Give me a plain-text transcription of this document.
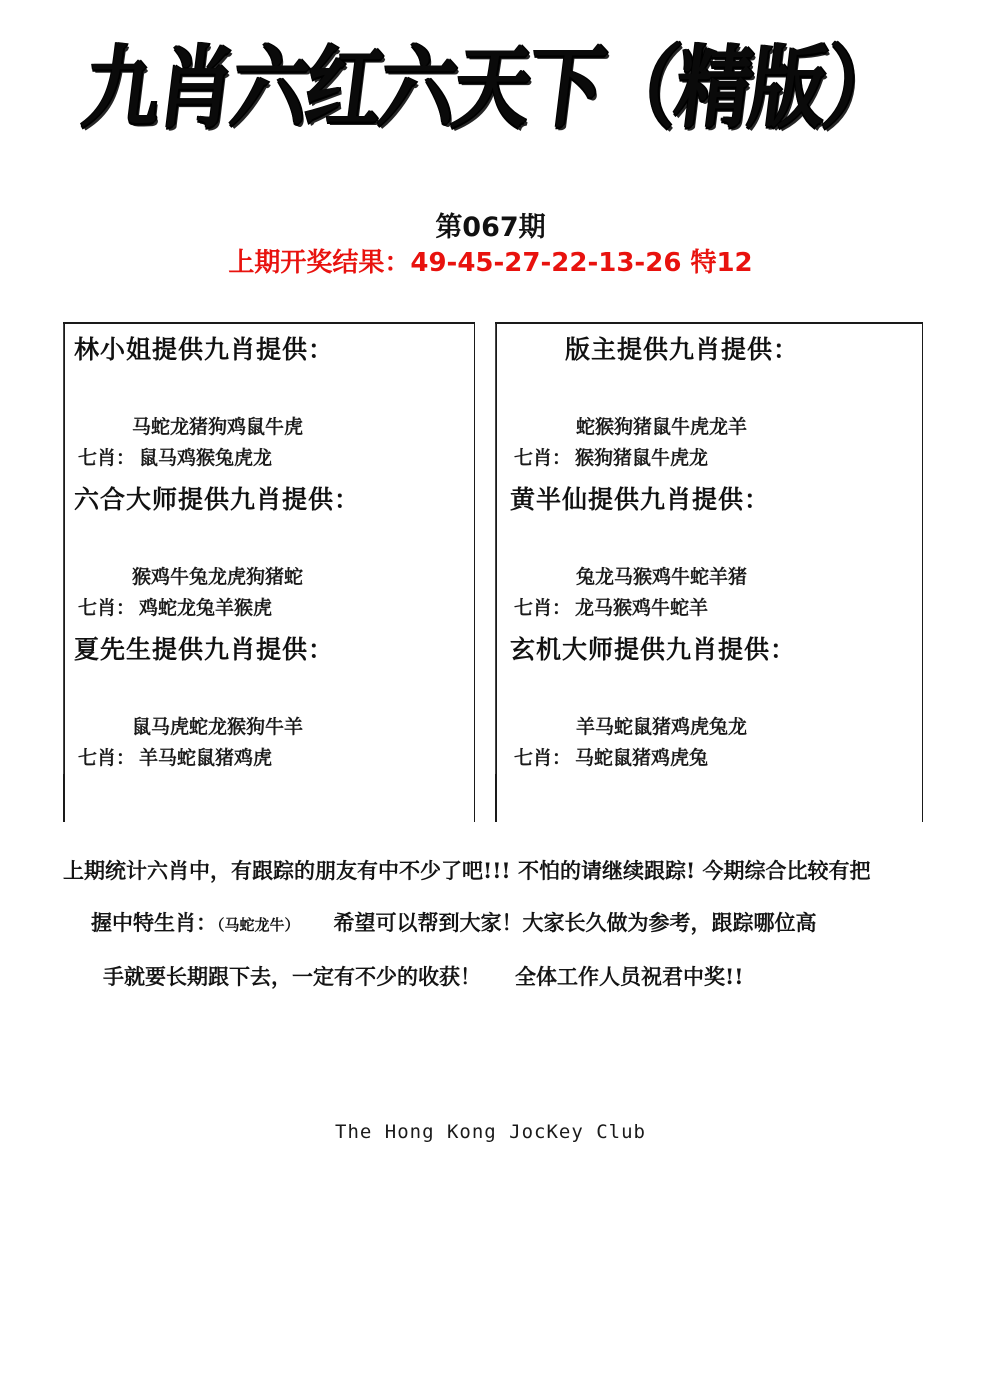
九肖六红六天下（精版）
第067期
上期开奖结果：49-45-27-22-13-26 特12
林小姐提供九肖提供：
马蛇龙猪狗鸡鼠牛虎
七肖： 鼠马鸡猴兔虎龙
六合大师提供九肖提供：
猴鸡牛兔龙虎狗猪蛇
七肖： 鸡蛇龙兔羊猴虎
夏先生提供九肖提供：
鼠马虎蛇龙猴狗牛羊
七肖： 羊马蛇鼠猪鸡虎
版主提供九肖提供：
蛇猴狗猪鼠牛虎龙羊
七肖： 猴狗猪鼠牛虎龙
黄半仙提供九肖提供：
兔龙马猴鸡牛蛇羊猪
七肖： 龙马猴鸡牛蛇羊
玄机大师提供九肖提供：
羊马蛇鼠猪鸡虎兔龙
七肖： 马蛇鼠猪鸡虎兔
上期统计六肖中，有跟踪的朋友有中不少了吧!!! 不怕的请继续跟踪! 今期综合比较有把
握中特生肖：（马蛇龙牛） 希望可以帮到大家！大家长久做为参考，跟踪哪位高
手就要长期跟下去，一定有不少的收获！ 全体工作人员祝君中奖!!
The Hong Kong JocKey Club
